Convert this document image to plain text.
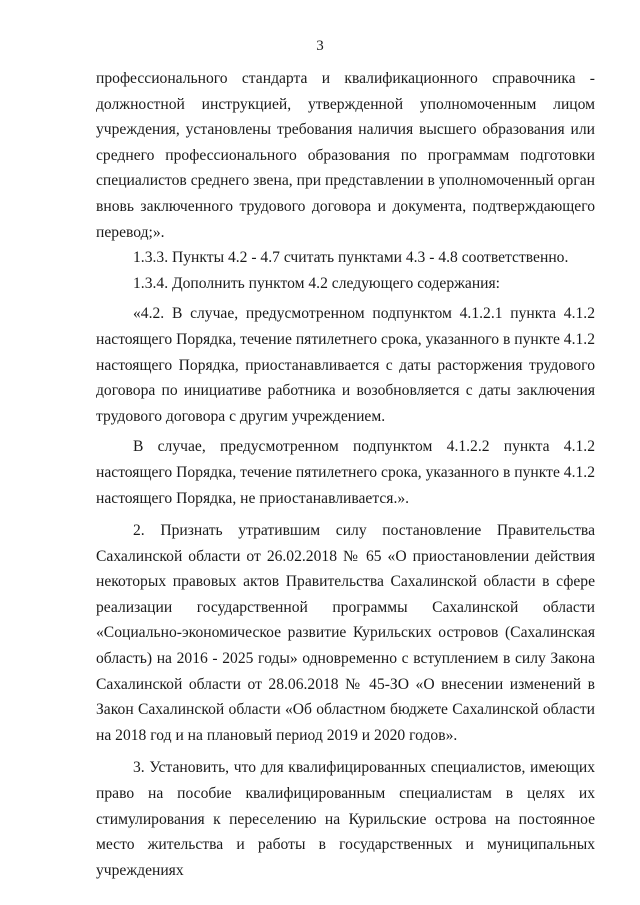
3

профессионального стандарта и квалификационного справочника - должностной инструкцией, утвержденной уполномоченным лицом учреждения, установлены требования наличия высшего образования или среднего профессионального образования по программам подготовки специалистов среднего звена, при представлении в уполномоченный орган вновь заключенного трудового договора и документа, подтверждающего перевод;».

1.3.3. Пункты 4.2 - 4.7 считать пунктами 4.3 - 4.8 соответственно.

1.3.4. Дополнить пунктом 4.2 следующего содержания:

«4.2. В случае, предусмотренном подпунктом 4.1.2.1 пункта 4.1.2 настоящего Порядка, течение пятилетнего срока, указанного в пункте 4.1.2 настоящего Порядка, приостанавливается с даты расторжения трудового договора по инициативе работника и возобновляется с даты заключения трудового договора с другим учреждением.

В случае, предусмотренном подпунктом 4.1.2.2 пункта 4.1.2 настоящего Порядка, течение пятилетнего срока, указанного в пункте 4.1.2 настоящего Порядка, не приостанавливается.».

2. Признать утратившим силу постановление Правительства Сахалинской области от 26.02.2018 № 65 «О приостановлении действия некоторых правовых актов Правительства Сахалинской области в сфере реализации государственной программы Сахалинской области «Социально-экономическое развитие Курильских островов (Сахалинская область) на 2016 - 2025 годы» одновременно с вступлением в силу Закона Сахалинской области от 28.06.2018 № 45-ЗО «О внесении изменений в Закон Сахалинской области «Об областном бюджете Сахалинской области на 2018 год и на плановый период 2019 и 2020 годов».

3. Установить, что для квалифицированных специалистов, имеющих право на пособие квалифицированным специалистам в целях их стимулирования к переселению на Курильские острова на постоянное место жительства и работы в государственных и муниципальных учреждениях
